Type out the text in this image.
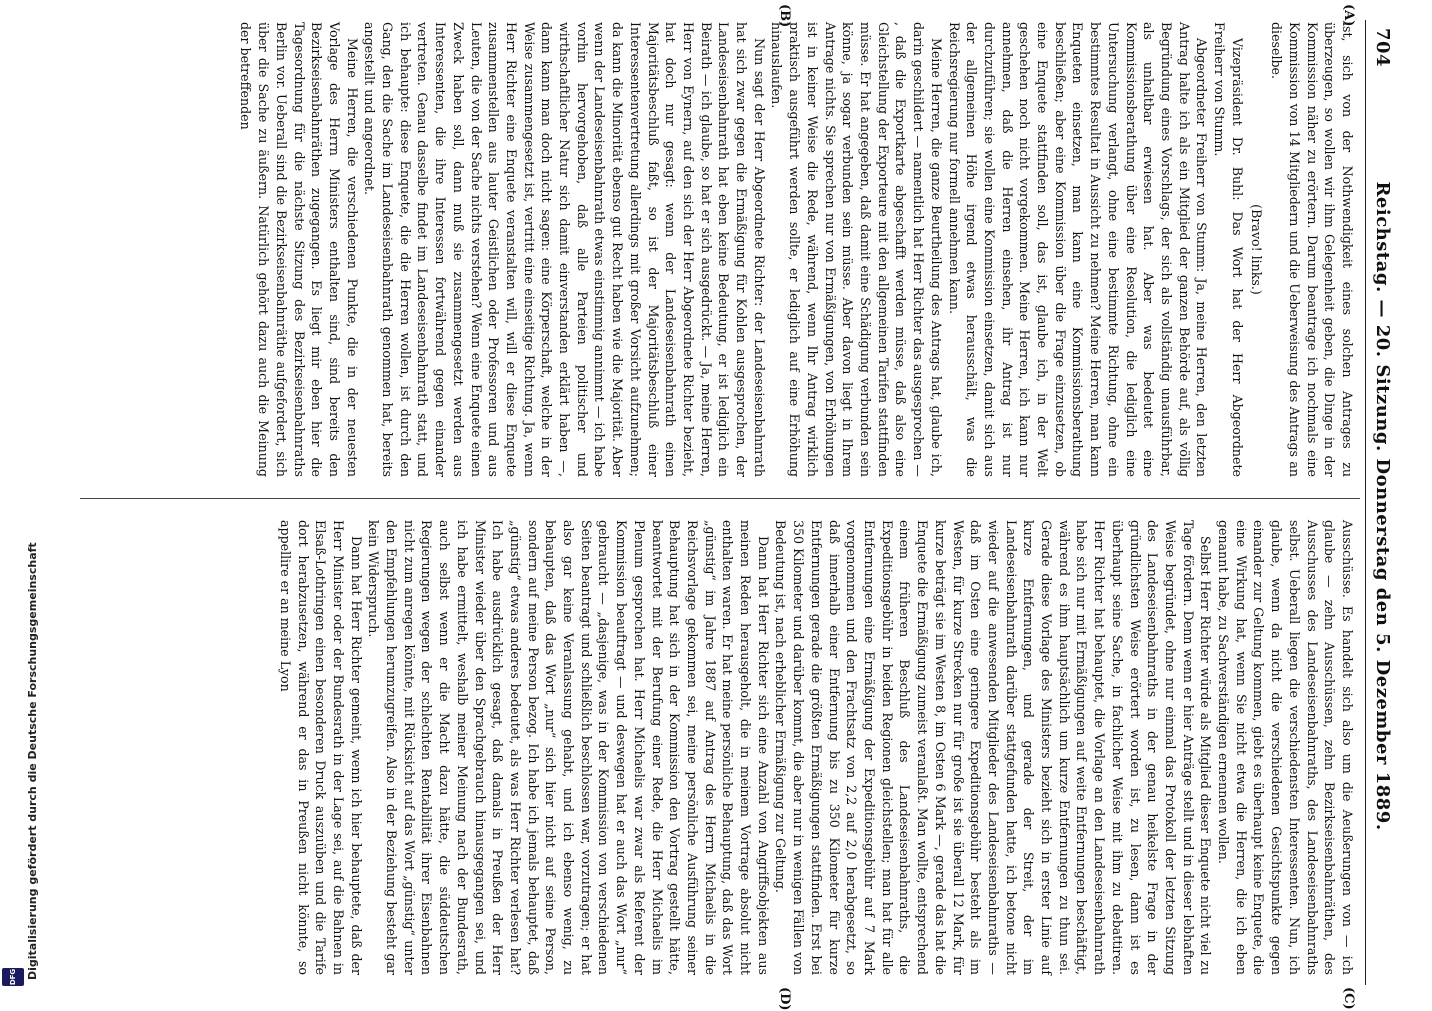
704
Reichstag. — 20. Sitzung. Donnerstag den 5. Dezember 1889.
(A)
(B)
(C)
(D)

ist, sich von der Nothwendigkeit eines solchen Antrages zu überzeugen, so wollen wir ihm Gelegenheit geben, die Dinge in der Kommission näher zu erörtern. Darum beantrage ich nochmals eine Kommission von 14 Mitgliedern und die Ueberweisung des Antrags an dieselbe.

(Bravo! links.)

Vizepräsident Dr. Buhl: Das Wort hat der Herr Abgeordnete Freiherr von Stumm.

Abgeordneter Freiherr von Stumm: Ja, meine Herren, den letzten Antrag halte ich als ein Mitglied der ganzen Behörde auf, als völlig Begründung eines Vorschlags, der sich als vollständig unausführbar, als unhaltbar erwiesen hat. Aber was bedeutet eine Kommissionsberathung über eine Resolution, die lediglich eine Untersuchung verlangt, ohne eine bestimmte Richtung, ohne ein bestimmtes Resultat in Aussicht zu nehmen? Meine Herren, man kann Enqueten einsetzen, man kann eine Kommissionsberathung beschließen; aber eine Kommission über die Frage einzusetzen, ob eine Enquete stattfinden soll, das ist, glaube ich, in der Welt geschehen noch nicht vorgekommen. Meine Herren, ich kann nur annehmen, daß die Herren einsehen, ihr Antrag ist nur durchzuführen; sie wollen eine Kommission einsetzen, damit sich aus der allgemeinen Höhe irgend etwas herausschält, was die Reichsregierung nur formell annehmen kann.

Meine Herren, die ganze Beurtheilung des Antrags hat, glaube ich, darin geschildert — namentlich hat Herr Richter das ausgesprochen — , daß die Exportkarte abgeschafft werden müsse, daß also eine Gleichstellung der Exporteure mit den allgemeinen Tarifen stattfinden müsse. Er hat angegeben, daß damit eine Schädigung verbunden sein könne, ja sogar verbunden sein müsse. Aber davon liegt in Ihrem Antrage nichts. Sie sprechen nur von Ermäßigungen, von Erhöhungen ist in keiner Weise die Rede, während, wenn Ihr Antrag wirklich praktisch ausgeführt werden sollte, er lediglich auf eine Erhöhung hinauslaufen.

Nun sagt der Herr Abgeordnete Richter: der Landeseisenbahnrath hat sich zwar gegen die Ermäßigung für Kohlen ausgesprochen, der Landeseisenbahnrath hat eben keine Bedeutung, er ist lediglich ein Beirath — ich glaube, so hat er sich ausgedrückt. — Ja, meine Herren, Herr von Eynern, auf den sich der Herr Abgeordnete Richter bezieht, hat doch nur gesagt: wenn der Landeseisenbahnrath einen Majoritätsbeschluß faßt, so ist der Majoritätsbeschluß einer Interessentenvertretung allerdings mit großer Vorsicht aufzunehmen; da kann die Minorität ebenso gut Recht haben wie die Majorität. Aber wenn der Landeseisenbahnrath etwas einstimmig annimmt — ich habe vorhin hervorgehoben, daß alle Parteien politischer und wirthschaftlicher Natur sich damit einverstanden erklärt haben —, dann kann man doch nicht sagen: eine Körperschaft, welche in der Weise zusammengesetzt ist, vertritt eine einseitige Richtung. Ja, wenn Herr Richter eine Enquete veranstalten will, will er diese Enquete zusammenstellen aus lauter Geistlichen oder Professoren und aus Leuten, die von der Sache nichts verstehen? Wenn eine Enquete einen Zweck haben soll, dann muß sie zusammengesetzt werden aus Interessenten, die ihre Interessen fortwährend gegen einander vertreten. Genau dasselbe findet im Landeseisenbahnrath statt, und ich behaupte: diese Enquete, die die Herren wollen, ist durch den Gang, den die Sache im Landeseisenbahnrath genommen hat, bereits angestellt und angeordnet.

Meine Herren, die verschiedenen Punkte, die in der neuesten Vorlage des Herrn Ministers enthalten sind, sind bereits den Bezirkseisenbahnräthen zugegangen. Es liegt mir eben hier die Tagesordnung für die nächste Sitzung des Bezirkseisenbahnraths Berlin vor. Ueberall sind die Bezirkseisenbahnräthe aufgefordert, sich über die Sache zu äußern. Natürlich gehört dazu auch die Meinung der betreffenden

Ausschüsse. Es handelt sich also um die Aeußerungen von — ich glaube — zehn Ausschüssen, zehn Bezirkseisenbahnräthen, des Ausschusses des Landeseisenbahnraths, des Landeseisenbahnraths selbst. Ueberall liegen die verschiedensten Interessenten. Nun, ich glaube, wenn da nicht die verschiedenen Gesichtspunkte gegen einander zur Geltung kommen, giebt es überhaupt keine Enquete, die eine Wirkung hat, wenn Sie nicht etwa die Herren, die ich eben genannt habe, zu Sachverständigen ernennen wollen.

Selbst Herr Richter würde als Mitglied dieser Enquete nicht viel zu Tage fördern. Denn wenn er hier Anträge stellt und in dieser lebhaften Weise begründet, ohne nur einmal das Protokoll der letzten Sitzung des Landeseisenbahnraths in der genau heikelste Frage in der gründlichsten Weise erörtert worden ist, zu lesen, dann ist es überhaupt seine Sache, in fachlicher Weise mit ihm zu debattiren. Herr Richter hat behauptet, die Vorlage an den Landeseisenbahnrath habe sich nur mit Ermäßigungen auf weite Entfernungen beschäftigt, während es ihm hauptsächlich um kurze Entfernungen zu thun sei. Gerade diese Vorlage des Ministers bezieht sich in erster Linie auf kurze Entfernungen, und gerade der Streit, der im Landeseisenbahnrath darüber stattgefunden hatte, ich betone nicht wieder auf die anwesenden Mitglieder des Landeseisenbahnraths — daß im Osten eine geringere Expeditionsgebühr besteht als im Westen, für kurze Strecken nur für große ist sie überall 12 Mark, für kurze beträgt sie im Westen 8, im Osten 6 Mark —, gerade das hat die Enquete die Ermäßigung zumeist veranlaßt. Man wollte, entsprechend einem früheren Beschluß des Landeseisenbahnraths, die Expeditionsgebühr in beiden Regionen gleichstellen; man hat für alle Entfernungen eine Ermäßigung der Expeditionsgebühr auf 7 Mark vorgenommen und den Frachtsatz von 2,2 auf 2,0 herabgesetzt, so daß innerhalb einer Entfernung bis zu 350 Kilometer für kurze Entfernungen gerade die größten Ermäßigungen stattfinden. Erst bei 350 Kilometer und darüber kommt, die aber nur in wenigen Fällen von Bedeutung ist, nach erheblicher Ermäßigung zur Geltung.

Dann hat Herr Richter sich eine Anzahl von Angriffsobjekten aus meinen Reden herausgeholt, die in meinem Vortrage absolut nicht enthalten waren. Er hat meine persönliche Behauptung, daß das Wort „günstig“ im Jahre 1887 auf Antrag des Herrn Michaelis in die Reichsvorlage gekommen sei, meine persönliche Ausführung seiner Behauptung hat sich in der Kommission den Vortrag gestellt hätte, beantwortet mit der Berufung einer Rede, die Herr Michaelis im Plenum gesprochen hat. Herr Michaelis war zwar als Referent der Kommission beauftragt — und deswegen hat er auch das Wort „nur“ gebraucht — „dasjenige, was in der Kommission von verschiedenen Seiten beantragt und schließlich beschlossen war, vorzutragen; er hat also gar keine Veranlassung gehabt, und ich ebenso wenig, zu behaupten, daß das Wort „nur“ sich hier nicht auf seine Person, sondern auf meine Person bezog. Ich habe ich jemals behauptet, daß „günstig“ etwas anderes bedeutet, als was Herr Richter verlesen hat? Ich habe ausdrücklich gesagt, daß damals in Preußen der Herr Minister wieder über den Sprachgebrauch hinausgegangen sei, und ich habe ermittelt, weshalb meiner Meinung nach der Bundesrath, auch selbst wenn er die Macht dazu hätte, die süddeutschen Regierungen wegen der schlechten Rentabilität ihrer Eisenbahnen nicht zum anregen könnte, mit Rücksicht auf das Wort „günstig“ unter den Empfehlungen herumzugreifen. Also in der Beziehung besteht gar kein Widerspruch.

Dann hat Herr Richter gemeint, wenn ich hier behauptete, daß der Herr Minister oder der Bundesrath in der Lage sei, auf die Bahnen in Elsaß-Lothringen einen besonderen Druck auszuüben und die Tarife dort herabzusetzen, während er das in Preußen nicht könnte, so appellire er an meine Lyon

DFG Digitalisierung gefördert durch die Deutsche Forschungsgemeinschaft
